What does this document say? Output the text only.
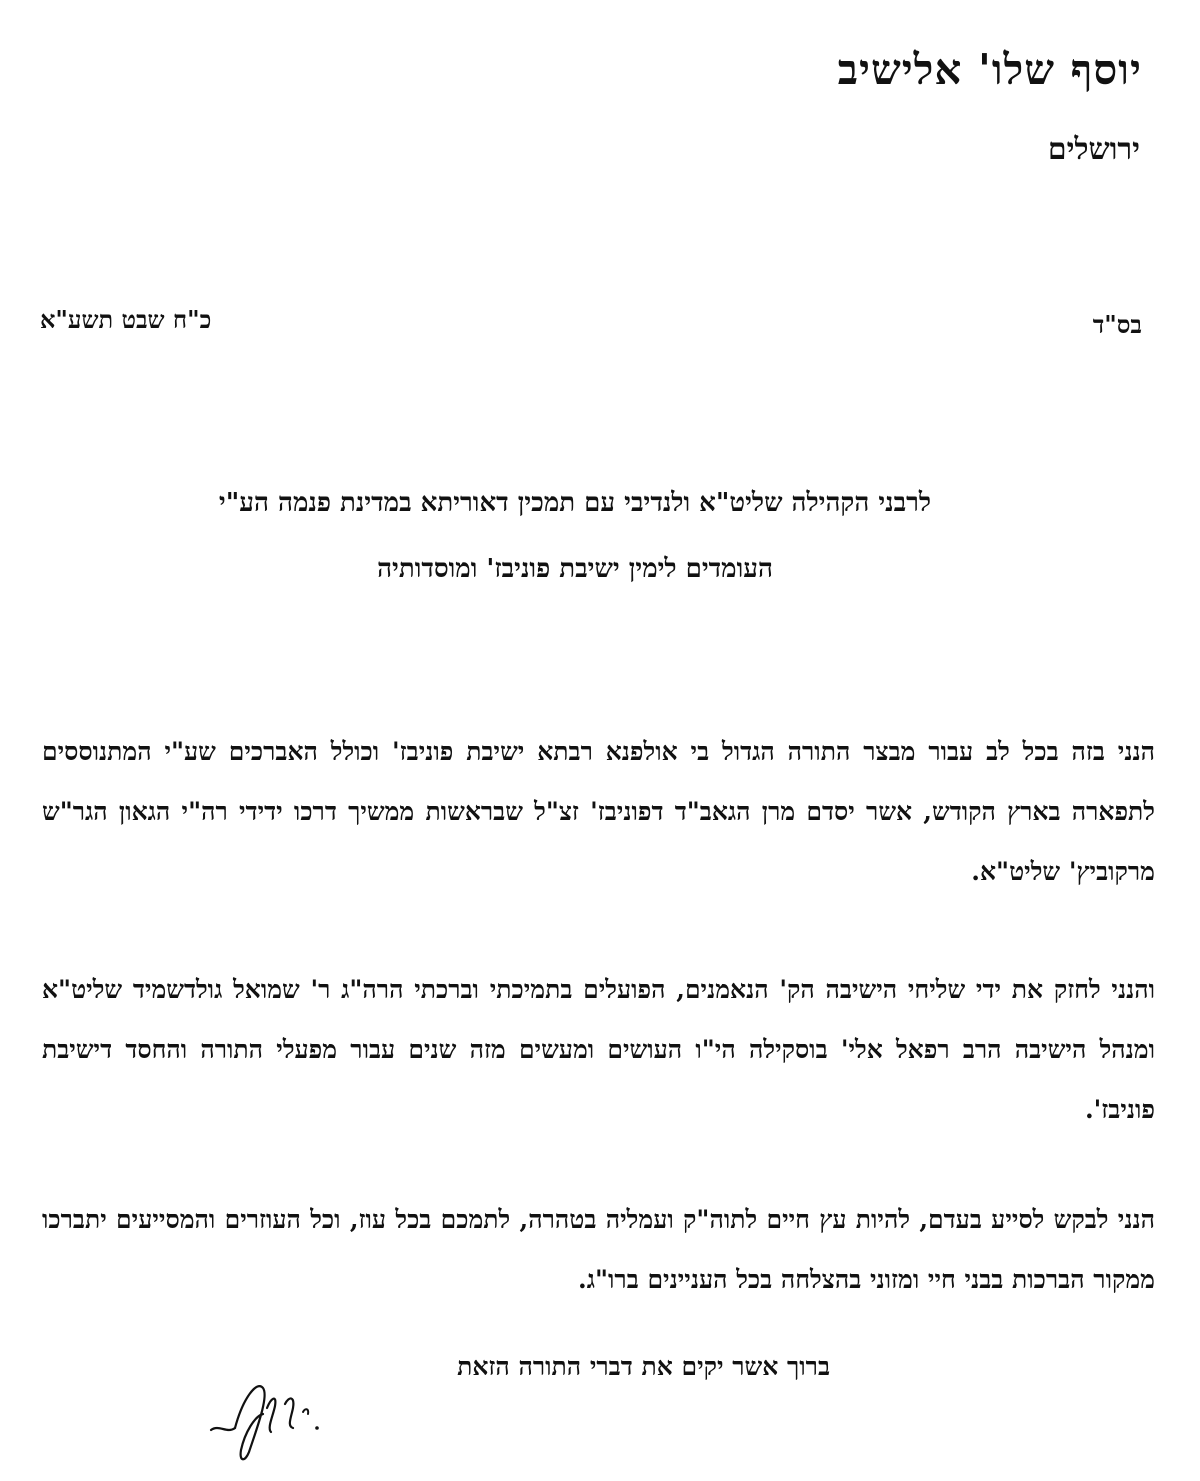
יוסף שלו' אלישיב
ירושלים
בס"ד
כ"ח שבט תשע"א
לרבני הקהילה שליט"א ולנדיבי עם תמכין דאוריתא במדינת פנמה הע"י
העומדים לימין ישיבת פוניבז' ומוסדותיה
הנני בזה בכל לב עבור מבצר התורה הגדול בי אולפנא רבתא ישיבת פוניבז' וכולל האברכים שע"י המתנוססים לתפארה בארץ הקודש, אשר יסדם מרן הגאב"ד דפוניבז' זצ"ל שבראשות ממשיך דרכו ידידי רה"י הגאון הגר"ש מרקוביץ' שליט"א.
והנני לחזק את ידי שליחי הישיבה הק' הנאמנים, הפועלים בתמיכתי וברכתי הרה"ג ר' שמואל גולדשמיד שליט"א ומנהל הישיבה הרב רפאל אלי' בוסקילה הי"ו העושים ומעשים מזה שנים עבור מפעלי התורה והחסד דישיבת פוניבז'.
הנני לבקש לסייע בעדם, להיות עץ חיים לתוה"ק ועמליה בטהרה, לתמכם בכל עוז, וכל העוזרים והמסייעים יתברכו ממקור הברכות בבני חיי ומזוני בהצלחה בכל העניינים ברו"ג.
ברוך אשר יקים את דברי התורה הזאת
